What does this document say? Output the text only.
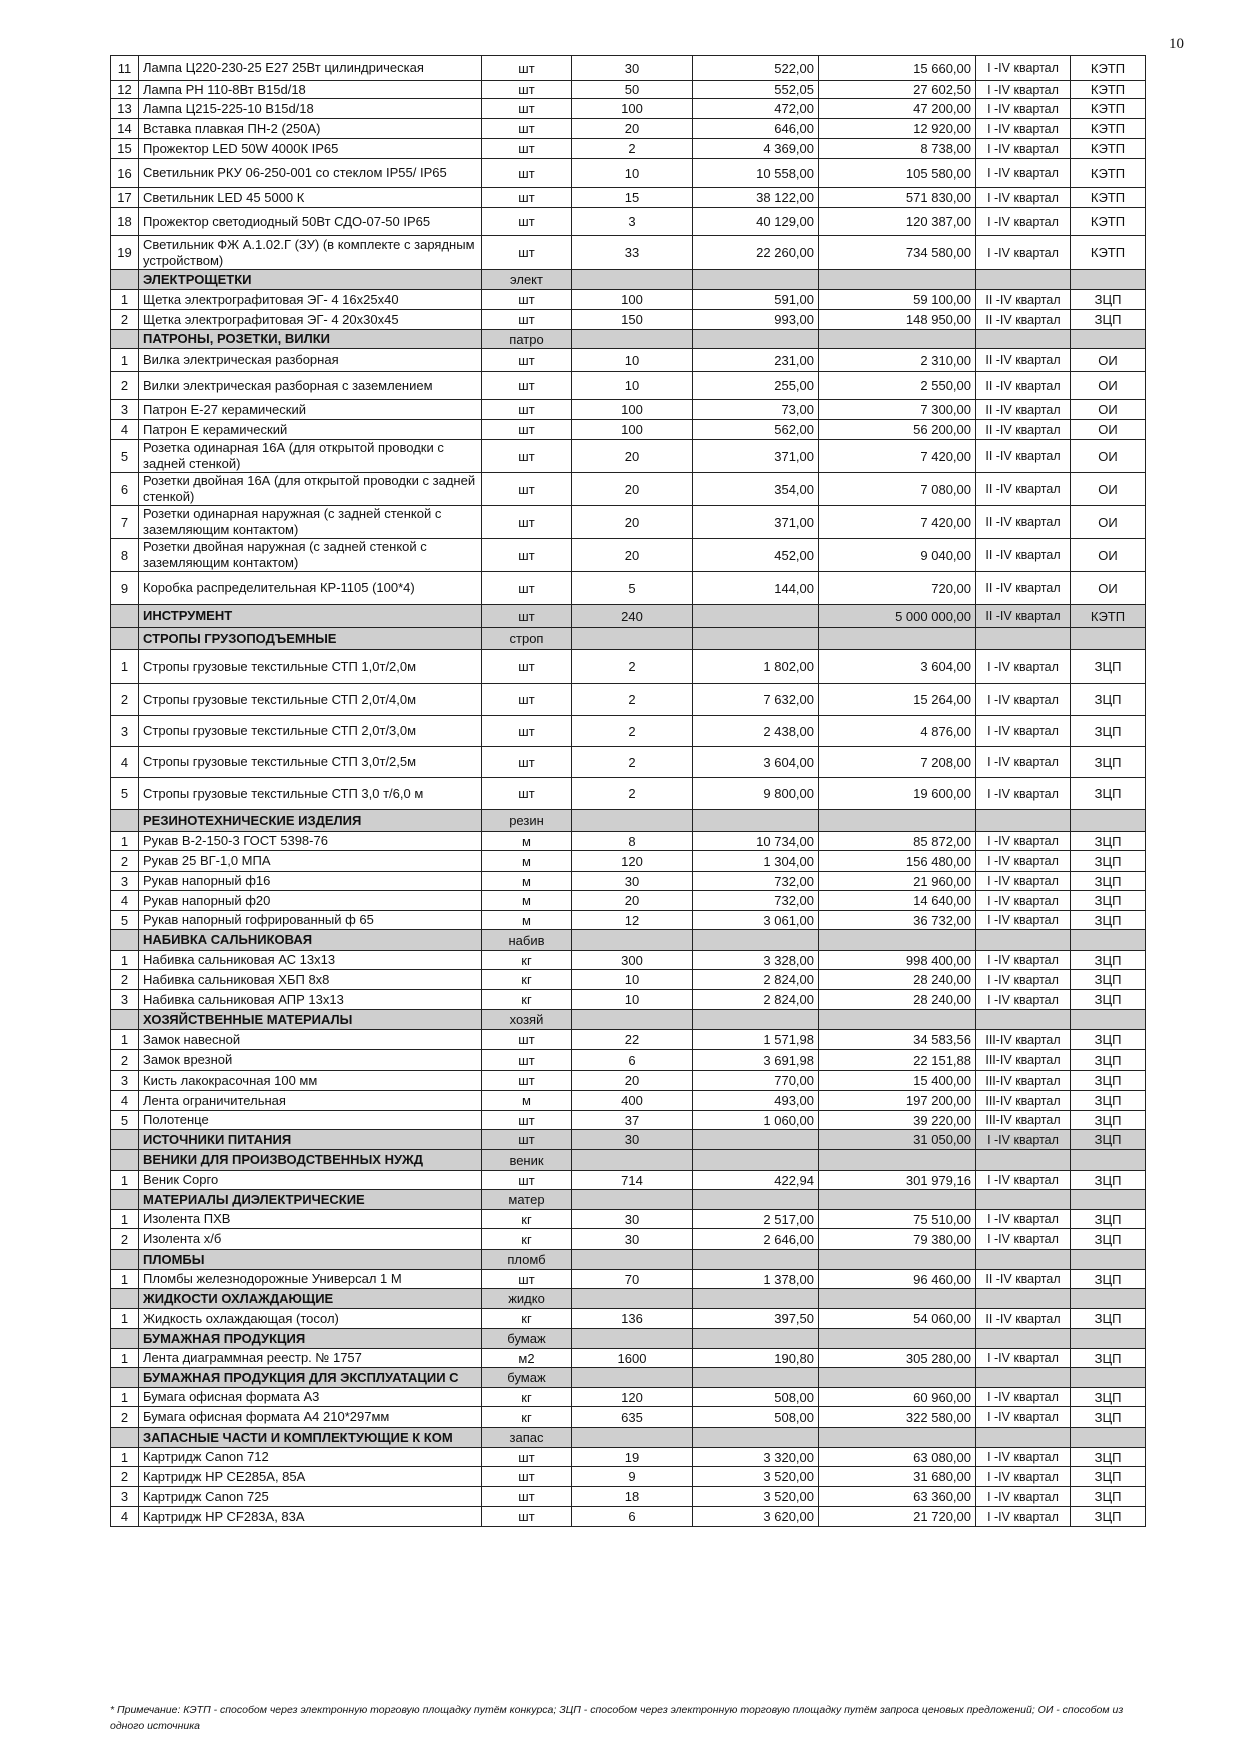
10
11	Лампа Ц220-230-25 Е27 25Вт цилиндрическая	шт	30	522,00	15 660,00	I -IV квартал	КЭТП
12	Лампа РН 110-8Вт В15d/18	шт	50	552,05	27 602,50	I -IV квартал	КЭТП
13	Лампа Ц215-225-10 В15d/18	шт	100	472,00	47 200,00	I -IV квартал	КЭТП
14	Вставка плавкая ПН-2 (250А)	шт	20	646,00	12 920,00	I -IV квартал	КЭТП
15	Прожектор LED 50W 4000К IP65	шт	2	4 369,00	8 738,00	I -IV квартал	КЭТП
16	Светильник РКУ 06-250-001 со стеклом IP55/ IP65	шт	10	10 558,00	105 580,00	I -IV квартал	КЭТП
17	Светильник LED 45 5000 К	шт	15	38 122,00	571 830,00	I -IV квартал	КЭТП
18	Прожектор светодиодный 50Вт СДО-07-50 IP65	шт	3	40 129,00	120 387,00	I -IV квартал	КЭТП
19	Светильник ФЖ А.1.02.Г (ЗУ) (в комплекте с зарядным устройством)	шт	33	22 260,00	734 580,00	I -IV квартал	КЭТП
	ЭЛЕКТРОЩЕТКИ	элект					
1	Щетка электрографитовая ЭГ- 4 16х25х40	шт	100	591,00	59 100,00	II -IV квартал	ЗЦП
2	Щетка электрографитовая ЭГ- 4 20х30х45	шт	150	993,00	148 950,00	II -IV квартал	ЗЦП
	ПАТРОНЫ, РОЗЕТКИ, ВИЛКИ	патро					
1	Вилка электрическая разборная	шт	10	231,00	2 310,00	II -IV квартал	ОИ
2	Вилки электрическая разборная с заземлением	шт	10	255,00	2 550,00	II -IV квартал	ОИ
3	Патрон Е-27 керамический	шт	100	73,00	7 300,00	II -IV квартал	ОИ
4	Патрон Е керамический	шт	100	562,00	56 200,00	II -IV квартал	ОИ
5	Розетка одинарная 16А (для открытой проводки с задней стенкой)	шт	20	371,00	7 420,00	II -IV квартал	ОИ
6	Розетки двойная 16А (для открытой проводки с задней стенкой)	шт	20	354,00	7 080,00	II -IV квартал	ОИ
7	Розетки одинарная наружная (с задней стенкой с заземляющим контактом)	шт	20	371,00	7 420,00	II -IV квартал	ОИ
8	Розетки двойная наружная (с задней стенкой с заземляющим контактом)	шт	20	452,00	9 040,00	II -IV квартал	ОИ
9	Коробка распределительная КР-1105 (100*4)	шт	5	144,00	720,00	II -IV квартал	ОИ
	ИНСТРУМЕНТ	шт	240		5 000 000,00	II -IV квартал	КЭТП
	СТРОПЫ ГРУЗОПОДЪЕМНЫЕ	строп					
1	Стропы грузовые текстильные СТП 1,0т/2,0м	шт	2	1 802,00	3 604,00	I -IV квартал	ЗЦП
2	Стропы грузовые текстильные СТП 2,0т/4,0м	шт	2	7 632,00	15 264,00	I -IV квартал	ЗЦП
3	Стропы грузовые текстильные СТП 2,0т/3,0м	шт	2	2 438,00	4 876,00	I -IV квартал	ЗЦП
4	Стропы грузовые текстильные СТП 3,0т/2,5м	шт	2	3 604,00	7 208,00	I -IV квартал	ЗЦП
5	Стропы грузовые текстильные СТП 3,0 т/6,0 м	шт	2	9 800,00	19 600,00	I -IV квартал	ЗЦП
	РЕЗИНОТЕХНИЧЕСКИЕ ИЗДЕЛИЯ	резин					
1	Рукав В-2-150-3 ГОСТ 5398-76	м	8	10 734,00	85 872,00	I -IV квартал	ЗЦП
2	Рукав 25 ВГ-1,0 МПА	м	120	1 304,00	156 480,00	I -IV квартал	ЗЦП
3	Рукав напорный ф16	м	30	732,00	21 960,00	I -IV квартал	ЗЦП
4	Рукав напорный ф20	м	20	732,00	14 640,00	I -IV квартал	ЗЦП
5	Рукав напорный гофрированный ф 65	м	12	3 061,00	36 732,00	I -IV квартал	ЗЦП
	НАБИВКА САЛЬНИКОВАЯ	набив					
1	Набивка сальниковая АС 13х13	кг	300	3 328,00	998 400,00	I -IV квартал	ЗЦП
2	Набивка сальниковая ХБП 8х8	кг	10	2 824,00	28 240,00	I -IV квартал	ЗЦП
3	Набивка сальниковая АПР 13х13	кг	10	2 824,00	28 240,00	I -IV квартал	ЗЦП
	ХОЗЯЙСТВЕННЫЕ МАТЕРИАЛЫ	хозяй					
1	Замок навесной	шт	22	1 571,98	34 583,56	III-IV квартал	ЗЦП
2	Замок врезной	шт	6	3 691,98	22 151,88	III-IV квартал	ЗЦП
3	Кисть лакокрасочная 100 мм	шт	20	770,00	15 400,00	III-IV квартал	ЗЦП
4	Лента ограничительная	м	400	493,00	197 200,00	III-IV квартал	ЗЦП
5	Полотенце	шт	37	1 060,00	39 220,00	III-IV квартал	ЗЦП
	ИСТОЧНИКИ ПИТАНИЯ	шт	30		31 050,00	I -IV квартал	ЗЦП
	ВЕНИКИ ДЛЯ ПРОИЗВОДСТВЕННЫХ НУЖД	веник					
1	Веник Сорго	шт	714	422,94	301 979,16	I -IV квартал	ЗЦП
	МАТЕРИАЛЫ ДИЭЛЕКТРИЧЕСКИЕ	матер					
1	Изолента ПХВ	кг	30	2 517,00	75 510,00	I -IV квартал	ЗЦП
2	Изолента х/б	кг	30	2 646,00	79 380,00	I -IV квартал	ЗЦП
	ПЛОМБЫ	пломб					
1	Пломбы железнодорожные Универсал 1 М	шт	70	1 378,00	96 460,00	II -IV квартал	ЗЦП
	ЖИДКОСТИ ОХЛАЖДАЮЩИЕ	жидко					
1	Жидкость охлаждающая (тосол)	кг	136	397,50	54 060,00	II -IV квартал	ЗЦП
	БУМАЖНАЯ ПРОДУКЦИЯ	бумаж					
1	Лента диаграммная реестр. № 1757	м2	1600	190,80	305 280,00	I -IV квартал	ЗЦП
	БУМАЖНАЯ ПРОДУКЦИЯ ДЛЯ ЭКСПЛУАТАЦИИ С	бумаж					
1	Бумага офисная формата А3	кг	120	508,00	60 960,00	I -IV квартал	ЗЦП
2	Бумага офисная формата А4 210*297мм	кг	635	508,00	322 580,00	I -IV квартал	ЗЦП
	ЗАПАСНЫЕ ЧАСТИ И КОМПЛЕКТУЮЩИЕ К КОМ	запас					
1	Картридж Canon 712	шт	19	3 320,00	63 080,00	I -IV квартал	ЗЦП
2	Картридж HP CE285A, 85A	шт	9	3 520,00	31 680,00	I -IV квартал	ЗЦП
3	Картридж Canon 725	шт	18	3 520,00	63 360,00	I -IV квартал	ЗЦП
4	Картридж HP CF283A, 83A	шт	6	3 620,00	21 720,00	I -IV квартал	ЗЦП
* Примечание: КЭТП - способом через электронную торговую площадку путём конкурса; ЗЦП - способом через электронную торговую площадку путём запроса ценовых предложений; ОИ - способом из одного источника
